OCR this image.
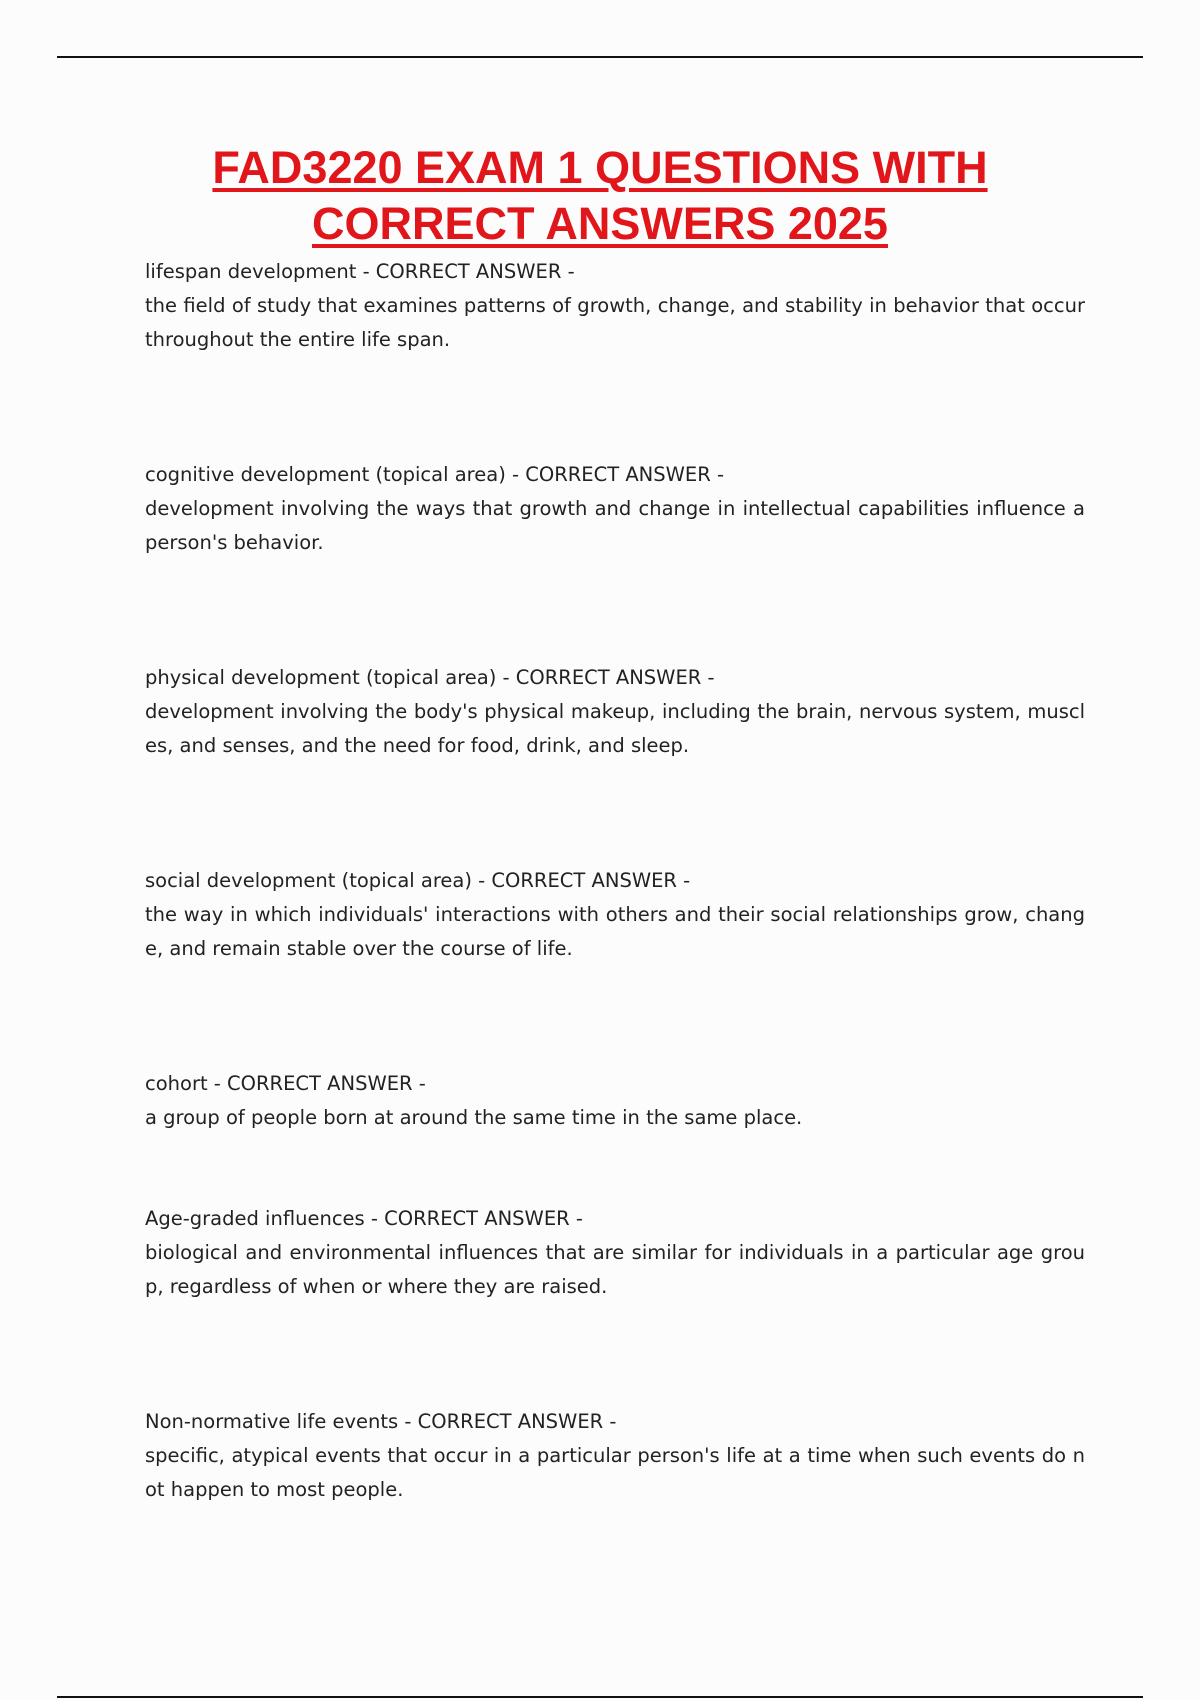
FAD3220 EXAM 1 QUESTIONS WITH
CORRECT ANSWERS 2025
lifespan development - CORRECT ANSWER -
the field of study that examines patterns of growth, change, and stability in behavior that occur throughout the entire life span.
cognitive development (topical area) - CORRECT ANSWER -
development involving the ways that growth and change in intellectual capabilities influence a person's behavior.
physical development (topical area) - CORRECT ANSWER -
development involving the body's physical makeup, including the brain, nervous system, muscles, and senses, and the need for food, drink, and sleep.
social development (topical area) - CORRECT ANSWER -
the way in which individuals' interactions with others and their social relationships grow, change, and remain stable over the course of life.
cohort - CORRECT ANSWER -
a group of people born at around the same time in the same place.
Age-graded influences - CORRECT ANSWER -
biological and environmental influences that are similar for individuals in a particular age group, regardless of when or where they are raised.
Non-normative life events - CORRECT ANSWER -
specific, atypical events that occur in a particular person's life at a time when such events do not happen to most people.
